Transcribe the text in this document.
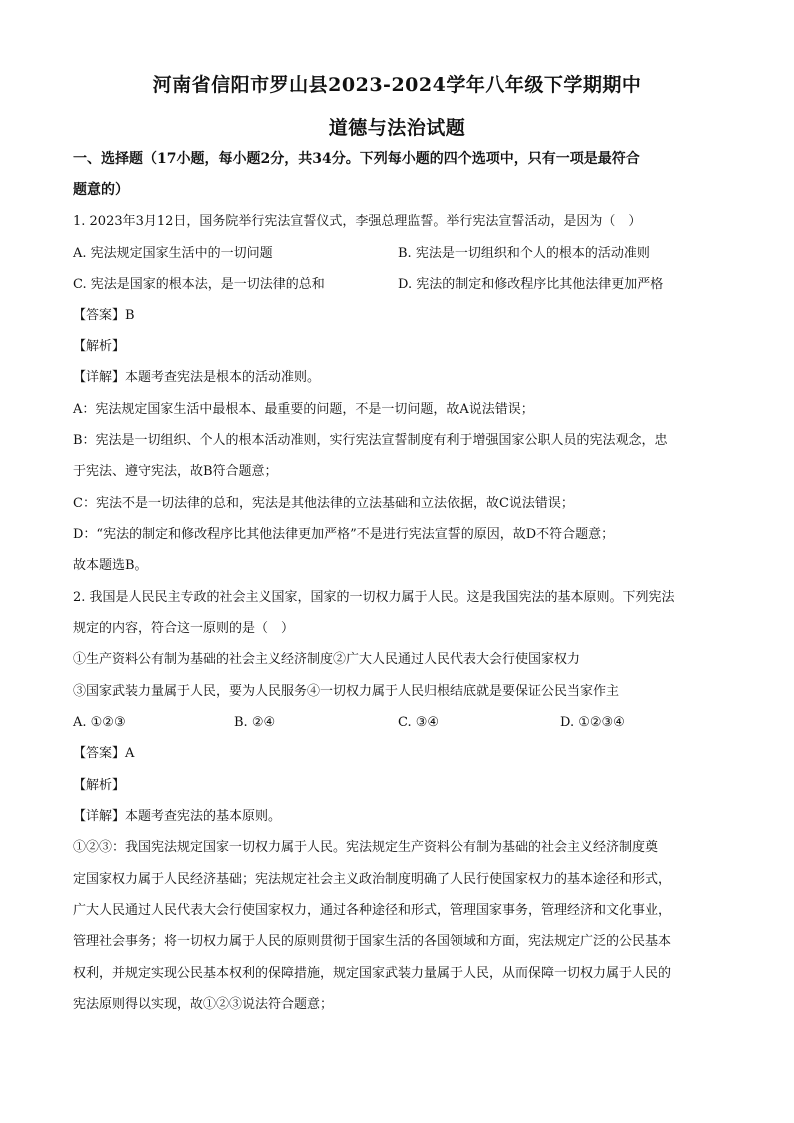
河南省信阳市罗山县2023-2024学年八年级下学期期中
道德与法治试题
一、选择题（17小题，每小题2分，共34分。下列每小题的四个选项中，只有一项是最符合
题意的）
1. 2023年3月12日，国务院举行宪法宣誓仪式，李强总理监誓。举行宪法宣誓活动，是因为（　）
A. 宪法规定国家生活中的一切问题	B. 宪法是一切组织和个人的根本的活动准则
C. 宪法是国家的根本法，是一切法律的总和	D. 宪法的制定和修改程序比其他法律更加严格
【答案】B
【解析】
【详解】本题考查宪法是根本的活动准则。
A：宪法规定国家生活中最根本、最重要的问题，不是一切问题，故A说法错误；
B：宪法是一切组织、个人的根本活动准则，实行宪法宣誓制度有利于增强国家公职人员的宪法观念，忠
于宪法、遵守宪法，故B符合题意；
C：宪法不是一切法律的总和，宪法是其他法律的立法基础和立法依据，故C说法错误；
D：“宪法的制定和修改程序比其他法律更加严格”不是进行宪法宣誓的原因，故D不符合题意；
故本题选B。
2. 我国是人民民主专政的社会主义国家，国家的一切权力属于人民。这是我国宪法的基本原则。下列宪法
规定的内容，符合这一原则的是（　）
①生产资料公有制为基础的社会主义经济制度②广大人民通过人民代表大会行使国家权力
③国家武装力量属于人民，要为人民服务④一切权力属于人民归根结底就是要保证公民当家作主
A. ①②③	B. ②④	C. ③④	D. ①②③④
【答案】A
【解析】
【详解】本题考查宪法的基本原则。
①②③：我国宪法规定国家一切权力属于人民。宪法规定生产资料公有制为基础的社会主义经济制度奠
定国家权力属于人民经济基础；宪法规定社会主义政治制度明确了人民行使国家权力的基本途径和形式，
广大人民通过人民代表大会行使国家权力，通过各种途径和形式，管理国家事务，管理经济和文化事业，
管理社会事务；将一切权力属于人民的原则贯彻于国家生活的各国领域和方面，宪法规定广泛的公民基本
权利，并规定实现公民基本权利的保障措施，规定国家武装力量属于人民，从而保障一切权力属于人民的
宪法原则得以实现，故①②③说法符合题意；
